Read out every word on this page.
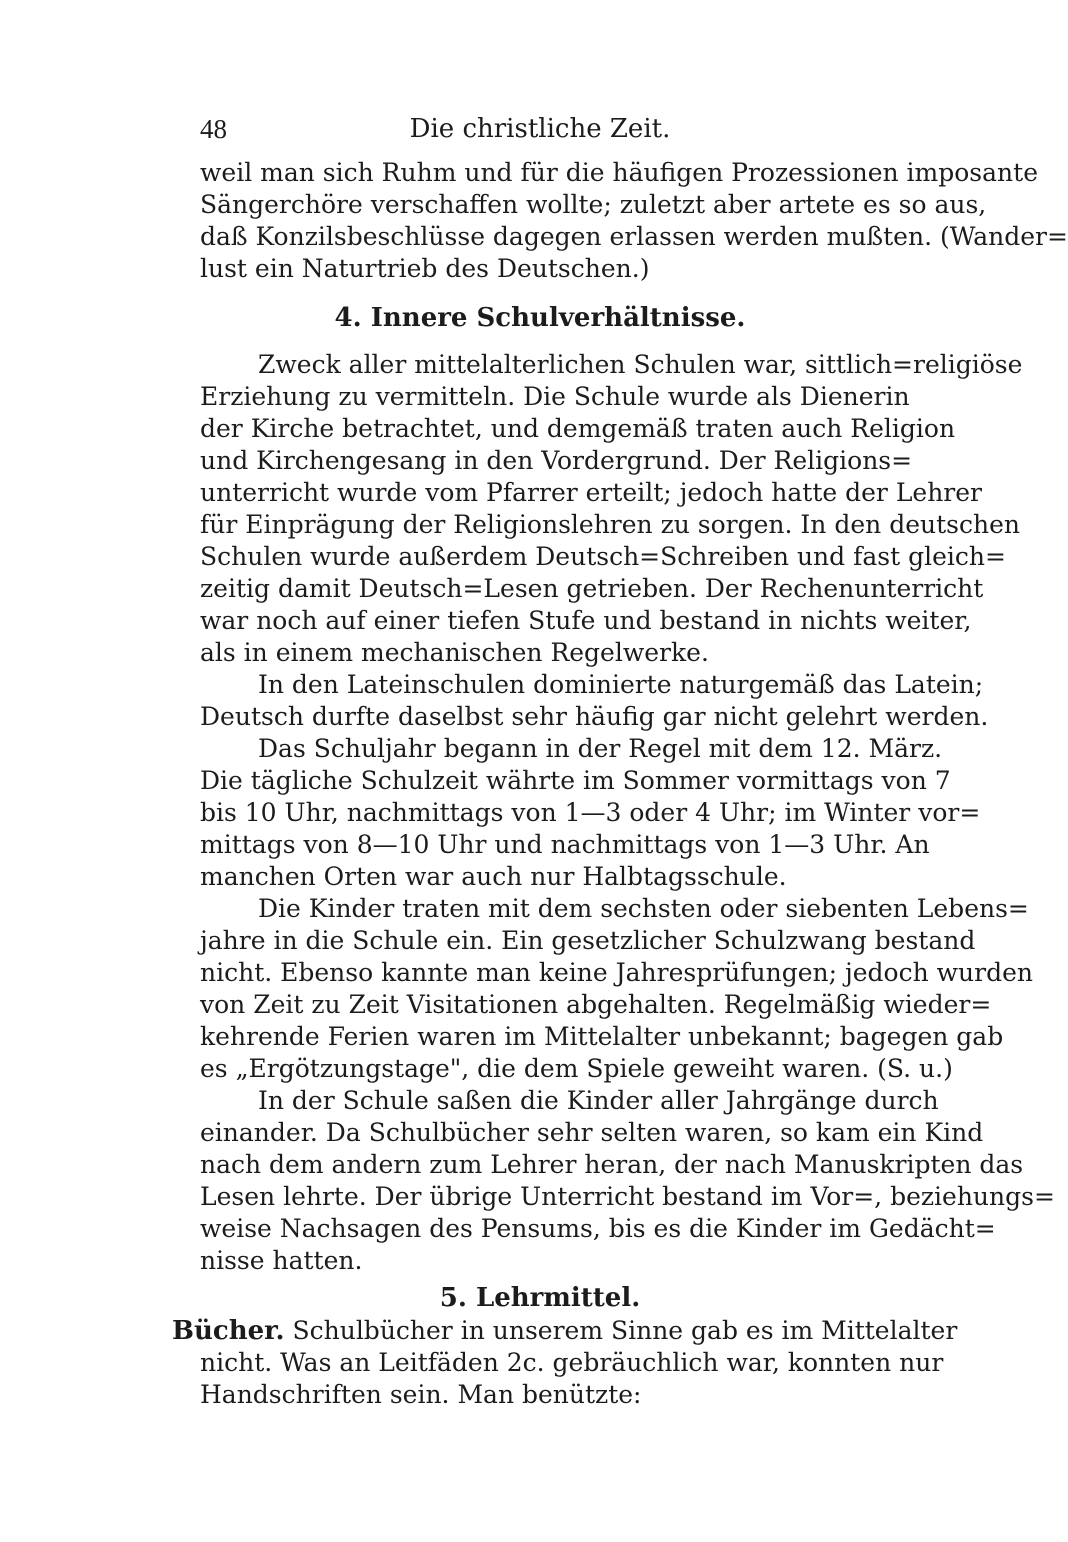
48	Die christliche Zeit.
weil man sich Ruhm und für die häufigen Prozessionen imposante
Sängerchöre verschaffen wollte; zuletzt aber artete es so aus,
daß Konzilsbeschlüsse dagegen erlassen werden mußten. (Wander=
lust ein Naturtrieb des Deutschen.)
4. Innere Schulverhältnisse.
Zweck aller mittelalterlichen Schulen war, sittlich=religiöse
Erziehung zu vermitteln. Die Schule wurde als Dienerin
der Kirche betrachtet, und demgemäß traten auch Religion
und Kirchengesang in den Vordergrund. Der Religions=
unterricht wurde vom Pfarrer erteilt; jedoch hatte der Lehrer
für Einprägung der Religionslehren zu sorgen. In den deutschen
Schulen wurde außerdem Deutsch=Schreiben und fast gleich=
zeitig damit Deutsch=Lesen getrieben. Der Rechenunterricht
war noch auf einer tiefen Stufe und bestand in nichts weiter,
als in einem mechanischen Regelwerke.
In den Lateinschulen dominierte naturgemäß das Latein;
Deutsch durfte daselbst sehr häufig gar nicht gelehrt werden.
Das Schuljahr begann in der Regel mit dem 12. März.
Die tägliche Schulzeit währte im Sommer vormittags von 7
bis 10 Uhr, nachmittags von 1—3 oder 4 Uhr; im Winter vor=
mittags von 8—10 Uhr und nachmittags von 1—3 Uhr. An
manchen Orten war auch nur Halbtagsschule.
Die Kinder traten mit dem sechsten oder siebenten Lebens=
jahre in die Schule ein. Ein gesetzlicher Schulzwang bestand
nicht. Ebenso kannte man keine Jahresprüfungen; jedoch wurden
von Zeit zu Zeit Visitationen abgehalten. Regelmäßig wieder=
kehrende Ferien waren im Mittelalter unbekannt; bagegen gab
es „Ergötzungstage", die dem Spiele geweiht waren. (S. u.)
In der Schule saßen die Kinder aller Jahrgänge durch
einander. Da Schulbücher sehr selten waren, so kam ein Kind
nach dem andern zum Lehrer heran, der nach Manuskripten das
Lesen lehrte. Der übrige Unterricht bestand im Vor=, beziehungs=
weise Nachsagen des Pensums, bis es die Kinder im Gedächt=
nisse hatten.
5. Lehrmittel.
Bücher. Schulbücher in unserem Sinne gab es im Mittelalter
nicht. Was an Leitfäden 2c. gebräuchlich war, konnten nur
Handschriften sein. Man benützte:
